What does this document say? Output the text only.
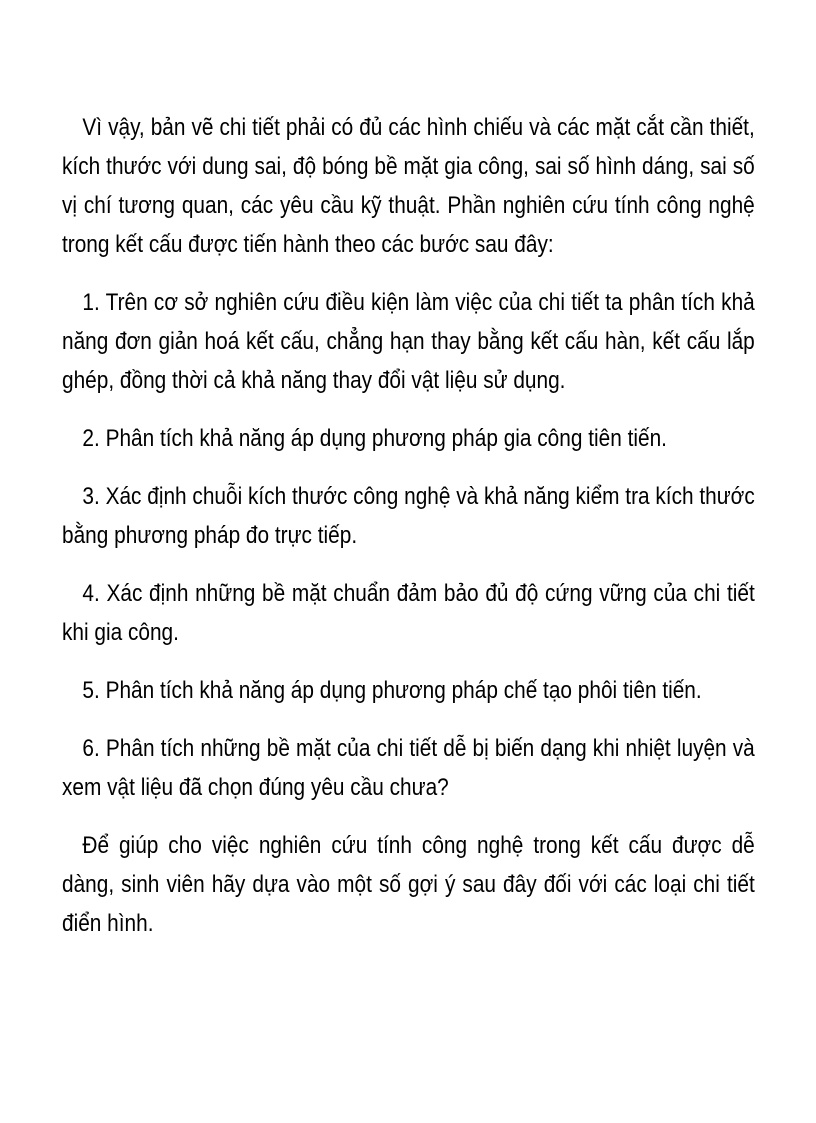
Vì vậy, bản vẽ chi tiết phải có đủ các hình chiếu và các mặt cắt cần thiết, kích thước với dung sai, độ bóng bề mặt gia công, sai số hình dáng, sai số vị chí tương quan, các yêu cầu kỹ thuật. Phần nghiên cứu tính công nghệ trong kết cấu được tiến hành theo các bước sau đây:

1. Trên cơ sở nghiên cứu điều kiện làm việc của chi tiết ta phân tích khả năng đơn giản hoá kết cấu, chẳng hạn thay bằng kết cấu hàn, kết cấu lắp ghép, đồng thời cả khả năng thay đổi vật liệu sử dụng.

2. Phân tích khả năng áp dụng phương pháp gia công tiên tiến.

3. Xác định chuỗi kích thước công nghệ và khả năng kiểm tra kích thước bằng phương pháp đo trực tiếp.

4. Xác định những bề mặt chuẩn đảm bảo đủ độ cứng vững của chi tiết khi gia công.

5. Phân tích khả năng áp dụng phương pháp chế tạo phôi tiên tiến.

6. Phân tích những bề mặt của chi tiết dễ bị biến dạng khi nhiệt luyện và xem vật liệu đã chọn đúng yêu cầu chưa?

Để giúp cho việc nghiên cứu tính công nghệ trong kết cấu được dễ dàng, sinh viên hãy dựa vào một số gợi ý sau đây đối với các loại chi tiết điển hình.
